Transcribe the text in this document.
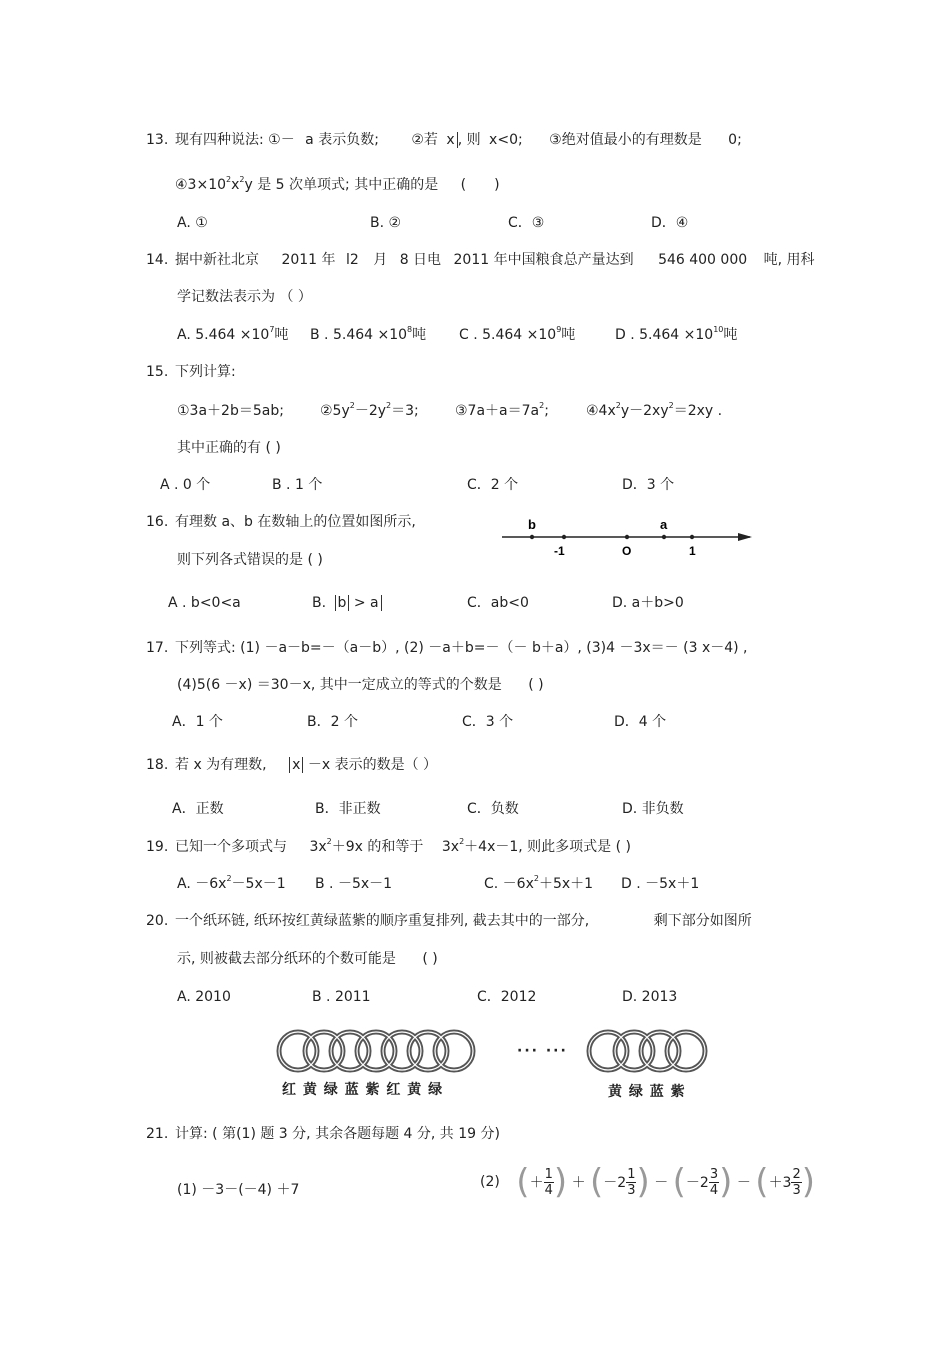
13. 现有四种说法: ①－ a 表示负数; ②若 x , 则 x<0; ③绝对值最小的有理数是 0;
$④3\times 10^2x^2y$ 是 5 次单项式; 其中正确的是 ( )
A. ①	B. ②	C．③	D．④
14. 据中新社北京 2011 年 l2 月 8 日电 2011 年中国粮食总产量达到 546 400 000 吨, 用科
学记数法表示为 （ ）
A. $5.464 \times 10^7$吨 B . $5.464 \times 10^8$吨 C . $5.464 \times 10^9$吨	D . $5.464 \times 10^{10}$吨
15. 下列计算:
①3a＋2b＝5ab;	$②5y^2-2y^2=3$;	$③7a+a=7a^2$;	$④4x^2y-2xy^2=2xy$ .
其中正确的有 ( )
A . 0 个	B . 1 个	C．2 个	D．3 个
16. 有理数 a、b 在数轴上的位置如图所示,
则下列各式错误的是 ( )
b	a
-1	O	1
A . b<0<a	B. b > a	C．ab<0	D. a＋b>0
17. 下列等式: (1) －a－b=－（a－b）, (2) －a＋b=－（－ b＋a）, (3)4 －3x＝－ (3 x－4) ,
(4)5(6 －x) ＝30－x, 其中一定成立的等式的个数是 ( )
A．1 个	B．2 个	C．3 个	D．4 个
18. 若 x 为有理数, x －x 表示的数是（ ）
A．正数	B．非正数	C．负数	D. 非负数
19. 已知一个多项式与 $3x^2+9x$ 的和等于 $3x^2+4x-1$, 则此多项式是 ( )
A. $-6x^2-5x-1$ B . －5x－1	C. $-6x^2+5x+1$ D . －5x＋1
20. 一个纸环链, 纸环按红黄绿蓝紫的顺序重复排列, 截去其中的一部分,	剩下部分如图所
示, 则被截去部分纸环的个数可能是 ( )
A. 2010	B . 2011	C．2012	D. 2013
··· ···
红 黄 绿 蓝 紫 红 黄 绿	黄 绿 蓝 紫
21. 计算: ( 第(1) 题 3 分, 其余各题每题 4 分, 共 19 分)
(1) －3－(－4) ＋7	(2) (＋ $\frac{1}{4}$ ) ＋ ($-2 \frac{1}{3}$ ) － ($-2 \frac{3}{4}$ ) － ($+3 \frac{2}{3}$ )
